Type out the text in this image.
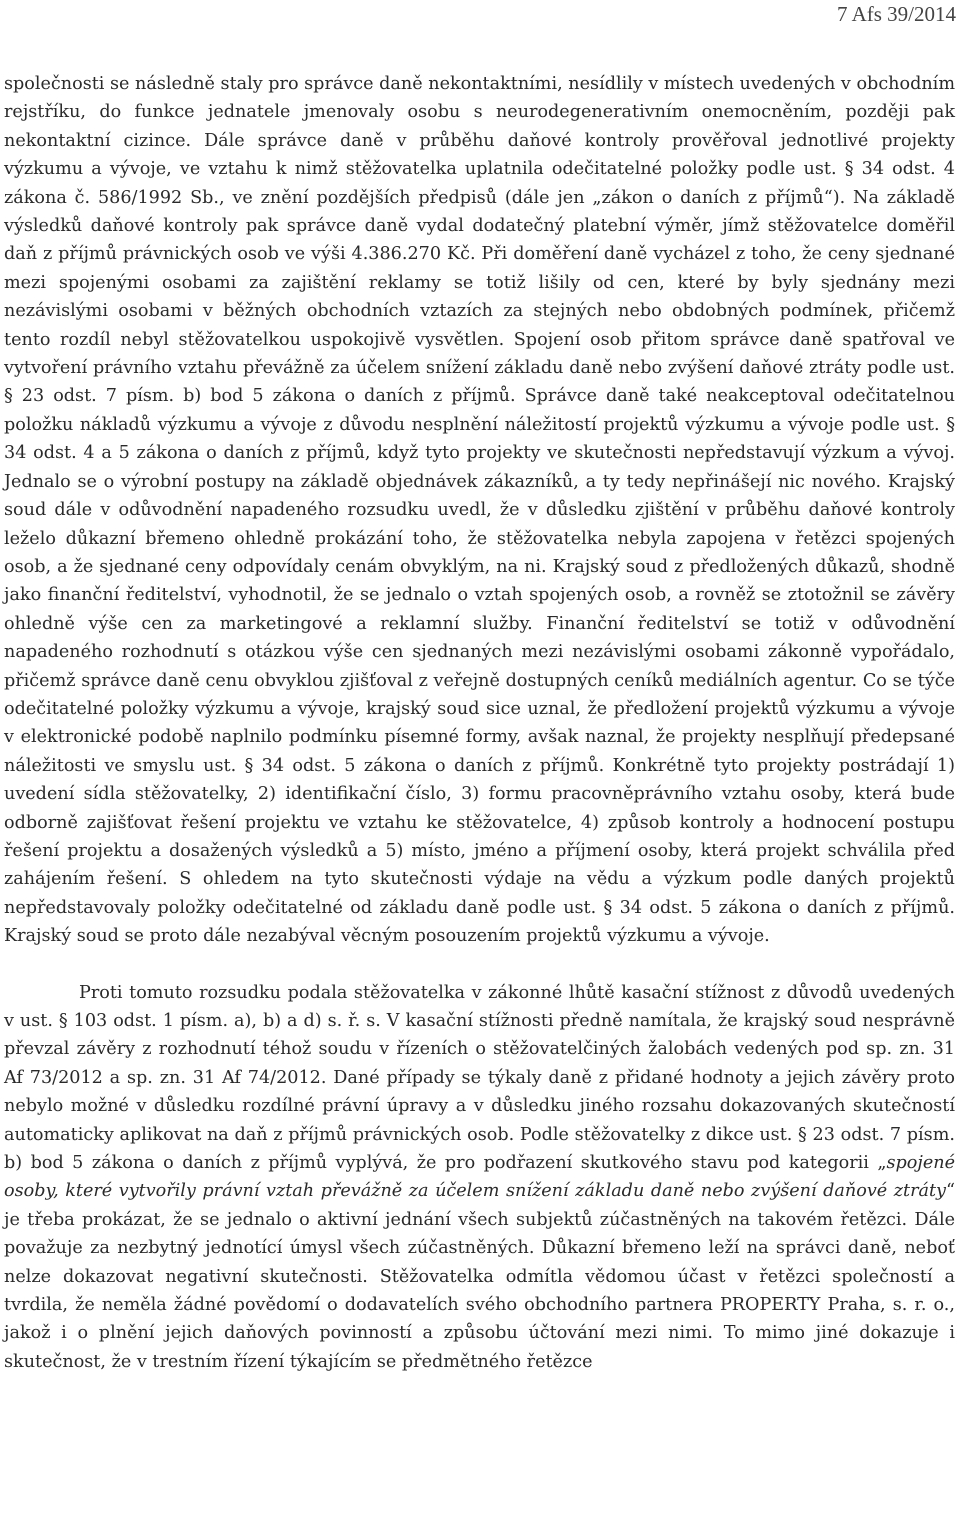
7 Afs 39/2014

společnosti se následně staly pro správce daně nekontaktními, nesídlily v místech uvedených v obchodním rejstříku, do funkce jednatele jmenovaly osobu s neurodegenerativním onemocněním, později pak nekontaktní cizince. Dále správce daně v průběhu daňové kontroly prověřoval jednotlivé projekty výzkumu a vývoje, ve vztahu k nimž stěžovatelka uplatnila odečitatelné položky podle ust. § 34 odst. 4 zákona č. 586/1992 Sb., ve znění pozdějších předpisů (dále jen „zákon o daních z příjmů“). Na základě výsledků daňové kontroly pak správce daně vydal dodatečný platební výměr, jímž stěžovatelce doměřil daň z příjmů právnických osob ve výši 4.386.270 Kč. Při doměření daně vycházel z toho, že ceny sjednané mezi spojenými osobami za zajištění reklamy se totiž lišily od cen, které by byly sjednány mezi nezávislými osobami v běžných obchodních vztazích za stejných nebo obdobných podmínek, přičemž tento rozdíl nebyl stěžovatelkou uspokojivě vysvětlen. Spojení osob přitom správce daně spatřoval ve vytvoření právního vztahu převážně za účelem snížení základu daně nebo zvýšení daňové ztráty podle ust. § 23 odst. 7 písm. b) bod 5 zákona o daních z příjmů. Správce daně také neakceptoval odečitatelnou položku nákladů výzkumu a vývoje z důvodu nesplnění náležitostí projektů výzkumu a vývoje podle ust. § 34 odst. 4 a 5 zákona o daních z příjmů, když tyto projekty ve skutečnosti nepředstavují výzkum a vývoj. Jednalo se o výrobní postupy na základě objednávek zákazníků, a ty tedy nepřinášejí nic nového. Krajský soud dále v odůvodnění napadeného rozsudku uvedl, že v důsledku zjištění v průběhu daňové kontroly leželo důkazní břemeno ohledně prokázání toho, že stěžovatelka nebyla zapojena v řetězci spojených osob, a že sjednané ceny odpovídaly cenám obvyklým, na ni. Krajský soud z předložených důkazů, shodně jako finanční ředitelství, vyhodnotil, že se jednalo o vztah spojených osob, a rovněž se ztotožnil se závěry ohledně výše cen za marketingové a reklamní služby. Finanční ředitelství se totiž v odůvodnění napadeného rozhodnutí s otázkou výše cen sjednaných mezi nezávislými osobami zákonně vypořádalo, přičemž správce daně cenu obvyklou zjišťoval z veřejně dostupných ceníků mediálních agentur. Co se týče odečitatelné položky výzkumu a vývoje, krajský soud sice uznal, že předložení projektů výzkumu a vývoje v elektronické podobě naplnilo podmínku písemné formy, avšak naznal, že projekty nesplňují předepsané náležitosti ve smyslu ust. § 34 odst. 5 zákona o daních z příjmů. Konkrétně tyto projekty postrádají 1) uvedení sídla stěžovatelky, 2) identifikační číslo, 3) formu pracovněprávního vztahu osoby, která bude odborně zajišťovat řešení projektu ve vztahu ke stěžovatelce, 4) způsob kontroly a hodnocení postupu řešení projektu a dosažených výsledků a 5) místo, jméno a příjmení osoby, která projekt schválila před zahájením řešení. S ohledem na tyto skutečnosti výdaje na vědu a výzkum podle daných projektů nepředstavovaly položky odečitatelné od základu daně podle ust. § 34 odst. 5 zákona o daních z příjmů. Krajský soud se proto dále nezabýval věcným posouzením projektů výzkumu a vývoje.

Proti tomuto rozsudku podala stěžovatelka v zákonné lhůtě kasační stížnost z důvodů uvedených v ust. § 103 odst. 1 písm. a), b) a d) s. ř. s. V kasační stížnosti předně namítala, že krajský soud nesprávně převzal závěry z rozhodnutí téhož soudu v řízeních o stěžovatelčiných žalobách vedených pod sp. zn. 31 Af 73/2012 a sp. zn. 31 Af 74/2012. Dané případy se týkaly daně z přidané hodnoty a jejich závěry proto nebylo možné v důsledku rozdílné právní úpravy a v důsledku jiného rozsahu dokazovaných skutečností automaticky aplikovat na daň z příjmů právnických osob. Podle stěžovatelky z dikce ust. § 23 odst. 7 písm. b) bod 5 zákona o daních z příjmů vyplývá, že pro podřazení skutkového stavu pod kategorii „spojené osoby, které vytvořily právní vztah převážně za účelem snížení základu daně nebo zvýšení daňové ztráty“ je třeba prokázat, že se jednalo o aktivní jednání všech subjektů zúčastněných na takovém řetězci. Dále považuje za nezbytný jednotící úmysl všech zúčastněných. Důkazní břemeno leží na správci daně, neboť nelze dokazovat negativní skutečnosti. Stěžovatelka odmítla vědomou účast v řetězci společností a tvrdila, že neměla žádné povědomí o dodavatelích svého obchodního partnera PROPERTY Praha, s. r. o., jakož i o plnění jejich daňových povinností a způsobu účtování mezi nimi. To mimo jiné dokazuje i skutečnost, že v trestním řízení týkajícím se předmětného řetězce
